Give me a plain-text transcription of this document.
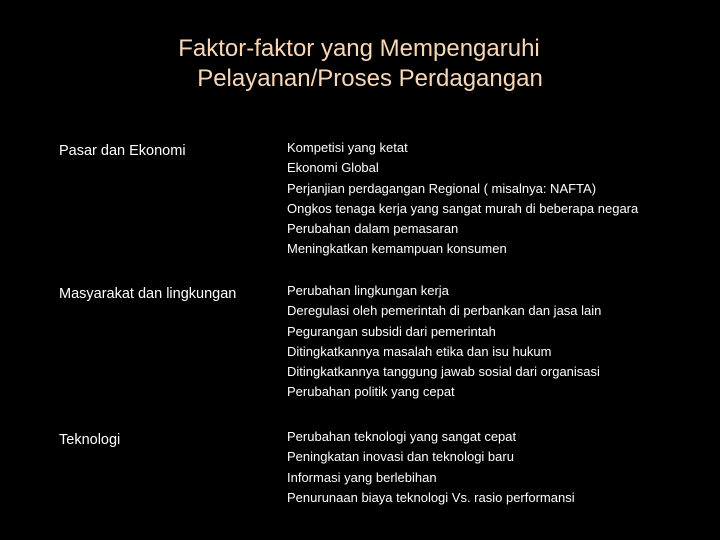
Faktor-faktor yang Mempengaruhi
Pelayanan/Proses Perdagangan
Pasar dan Ekonomi	Kompetisi yang ketat
Ekonomi Global
Perjanjian perdagangan Regional ( misalnya: NAFTA)
Ongkos tenaga kerja yang sangat murah di beberapa negara
Perubahan dalam pemasaran
Meningkatkan kemampuan konsumen
Masyarakat dan lingkungan	Perubahan lingkungan kerja
Deregulasi oleh pemerintah di perbankan dan jasa lain
Pegurangan subsidi dari pemerintah
Ditingkatkannya masalah etika dan isu hukum
Ditingkatkannya tanggung jawab sosial dari organisasi
Perubahan politik yang cepat
Teknologi	Perubahan teknologi yang sangat cepat
Peningkatan inovasi dan teknologi baru
Informasi yang berlebihan
Penurunaan biaya teknologi Vs. rasio performansi
